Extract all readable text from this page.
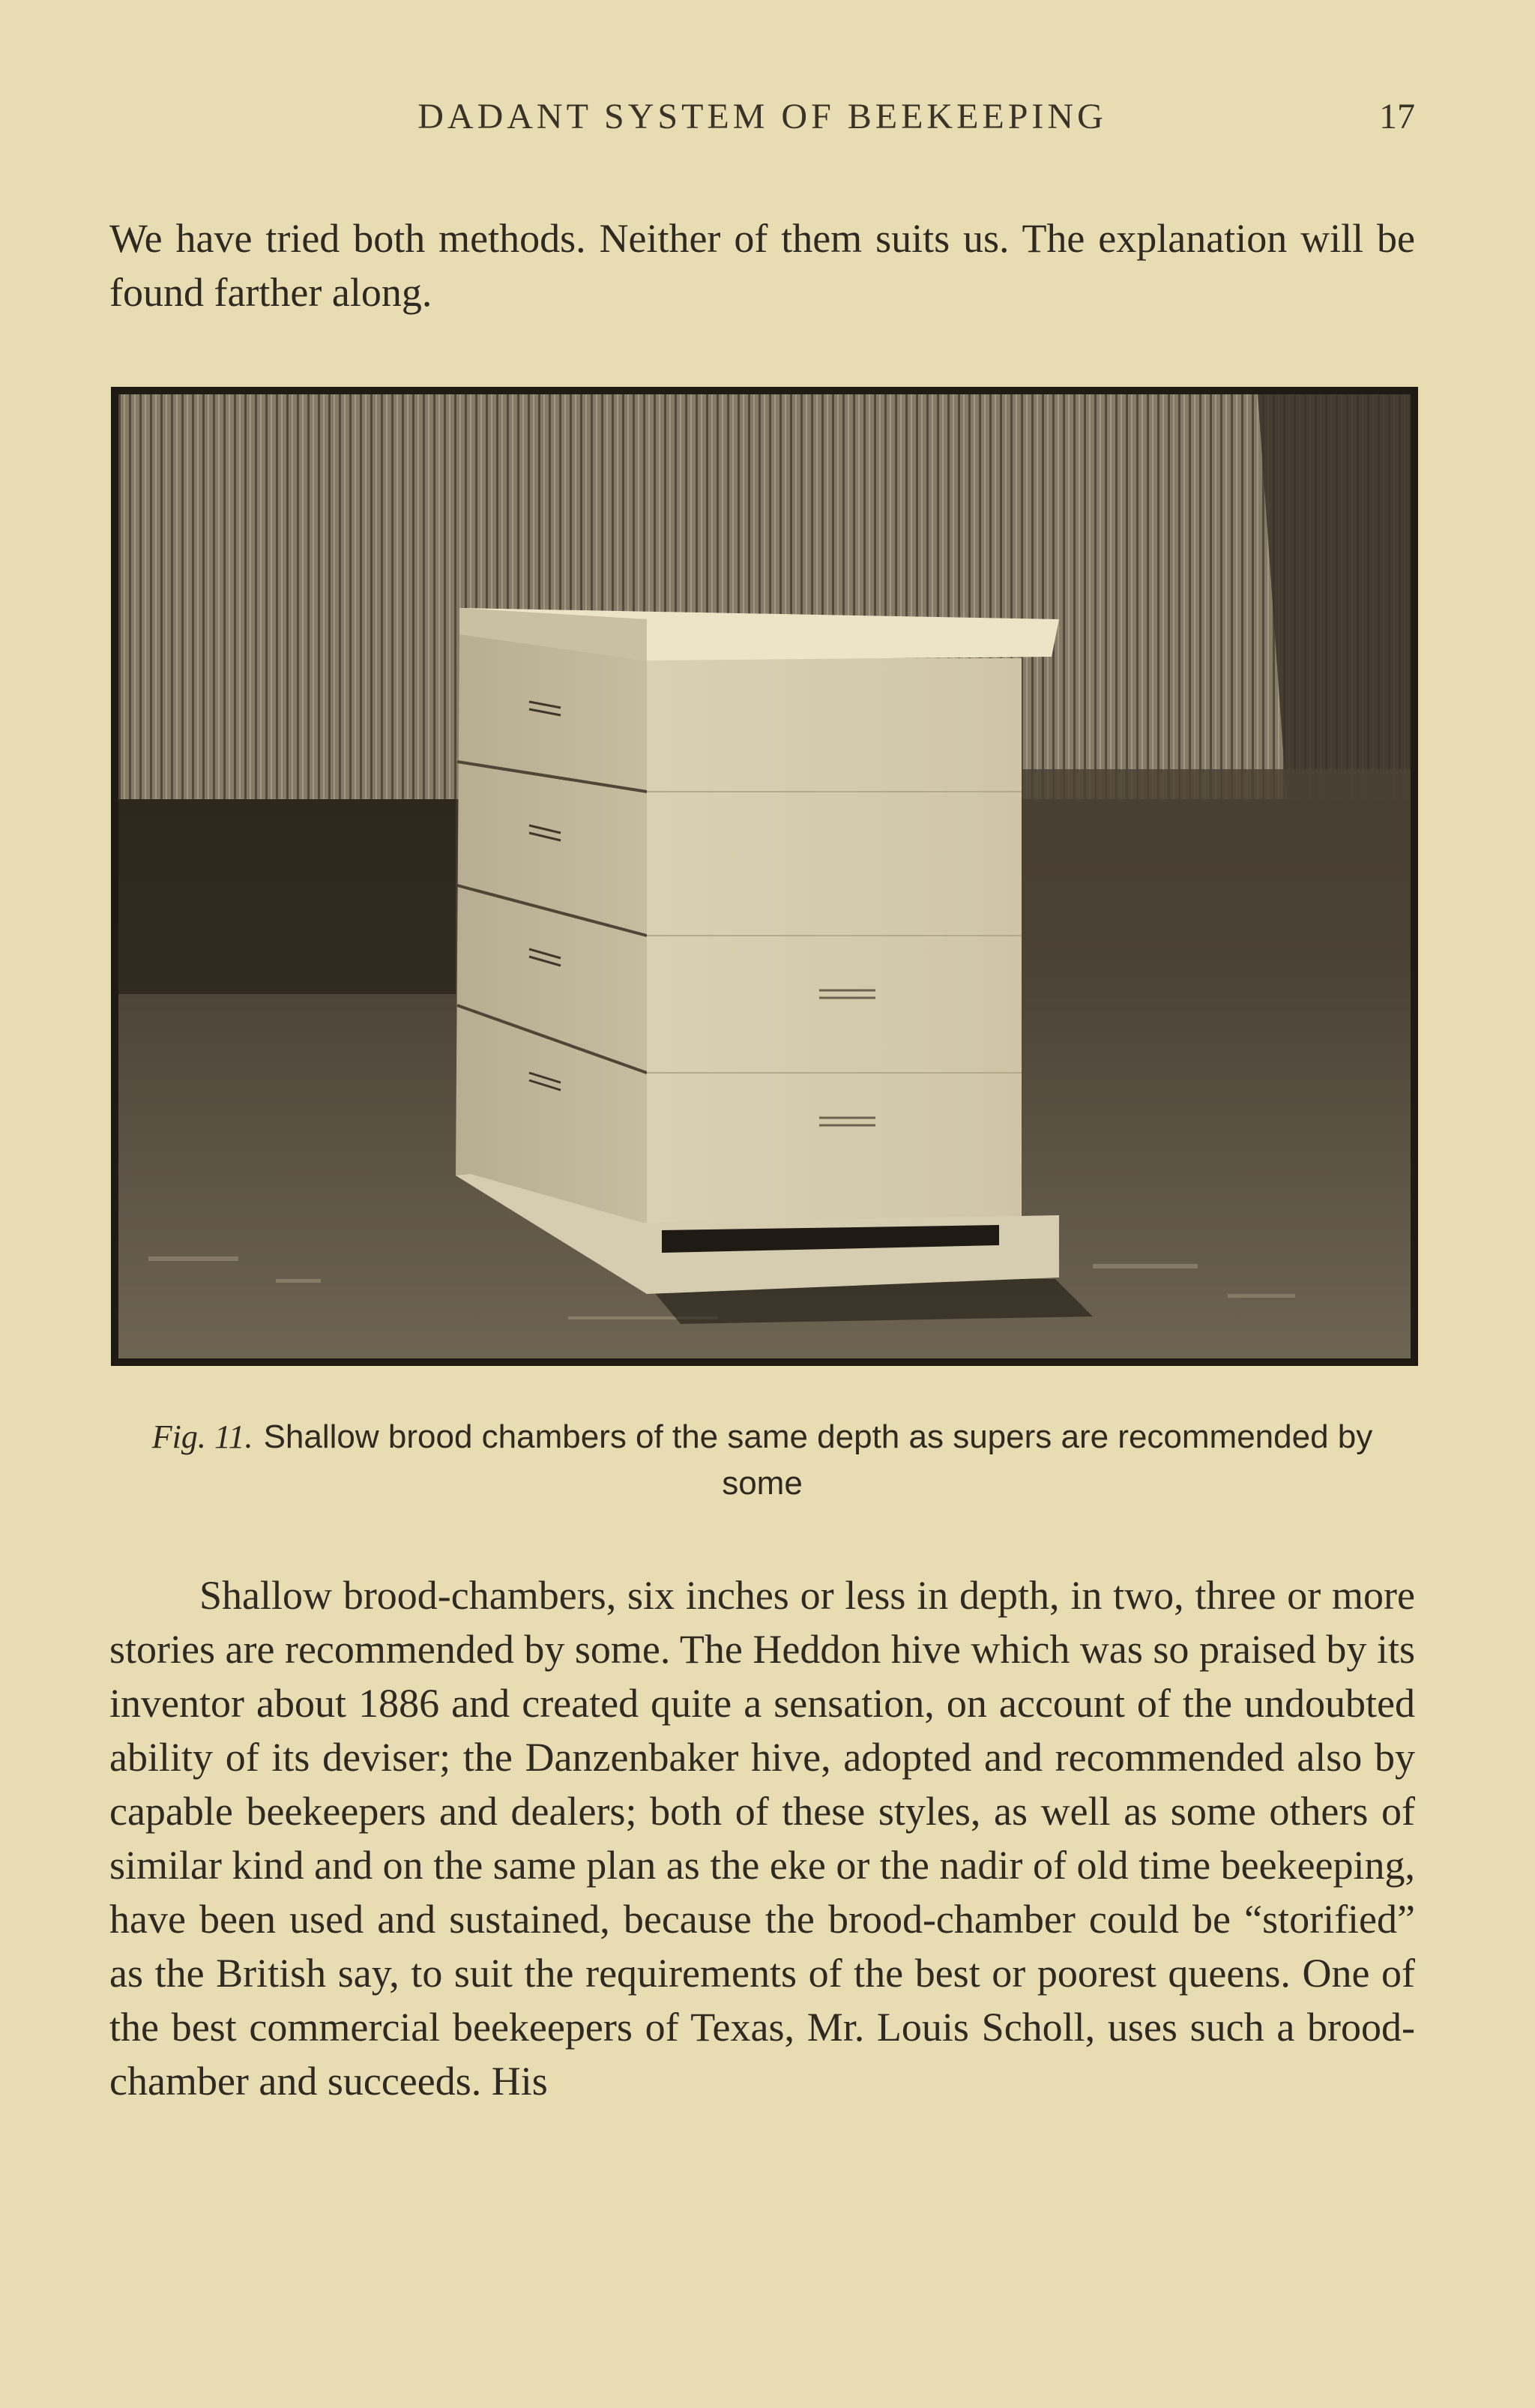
DADANT SYSTEM OF BEEKEEPING	17

We have tried both methods. Neither of them suits us. The explanation will be found farther along.

Fig. 11. Shallow brood chambers of the same depth as supers are recommended by some

Shallow brood-chambers, six inches or less in depth, in two, three or more stories are recommended by some. The Heddon hive which was so praised by its inventor about 1886 and created quite a sensation, on account of the undoubted ability of its deviser; the Danzenbaker hive, adopted and recommended also by capable beekeepers and dealers; both of these styles, as well as some others of similar kind and on the same plan as the eke or the nadir of old time beekeeping, have been used and sustained, because the brood-chamber could be “storified” as the British say, to suit the requirements of the best or poorest queens. One of the best commercial beekeepers of Texas, Mr. Louis Scholl, uses such a brood-chamber and succeeds. His
